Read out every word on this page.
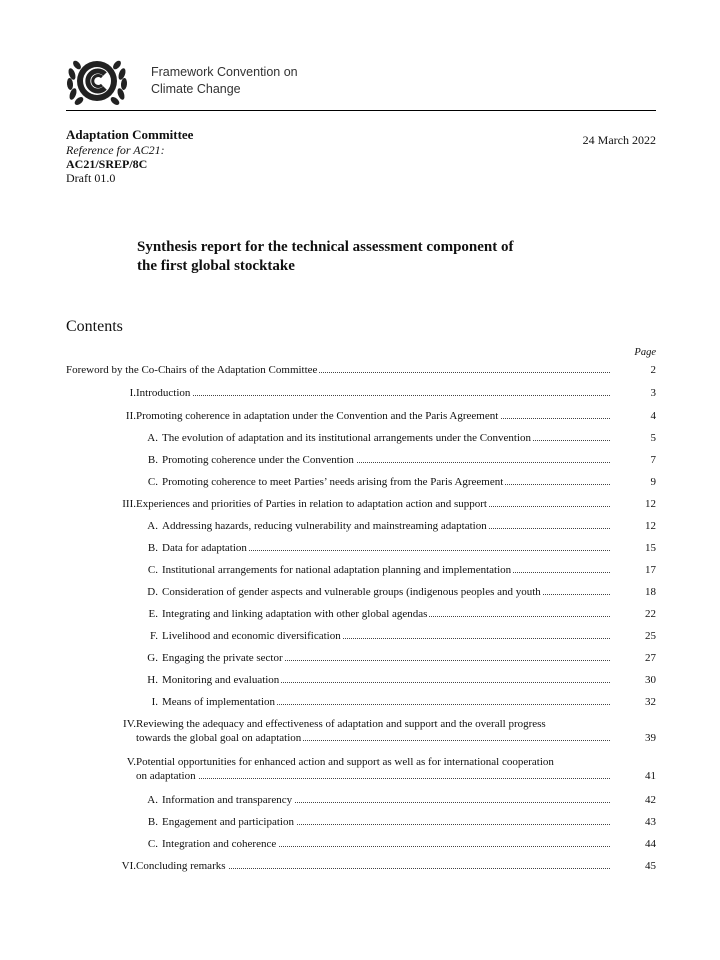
Framework Convention on
Climate Change
Adaptation Committee
Reference for AC21:
AC21/SREP/8C
Draft 01.0
24 March 2022
Synthesis report for the technical assessment component of
the first global stocktake
Contents
Page
Foreword by the Co-Chairs of the Adaptation Committee	2
I. Introduction	3
II. Promoting coherence in adaptation under the Convention and the Paris Agreement	4
A. The evolution of adaptation and its institutional arrangements under the Convention	5
B. Promoting coherence under the Convention	7
C. Promoting coherence to meet Parties’ needs arising from the Paris Agreement	9
III. Experiences and priorities of Parties in relation to adaptation action and support	12
A. Addressing hazards, reducing vulnerability and mainstreaming adaptation	12
B. Data for adaptation	15
C. Institutional arrangements for national adaptation planning and implementation	17
D. Consideration of gender aspects and vulnerable groups (indigenous peoples and youth	18
E. Integrating and linking adaptation with other global agendas	22
F. Livelihood and economic diversification	25
G. Engaging the private sector	27
H. Monitoring and evaluation	30
I. Means of implementation	32
IV. Reviewing the adequacy and effectiveness of adaptation and support and the overall progress
towards the global goal on adaptation	39
V. Potential opportunities for enhanced action and support as well as for international cooperation
on adaptation	41
A. Information and transparency	42
B. Engagement and participation	43
C. Integration and coherence	44
VI. Concluding remarks	45
